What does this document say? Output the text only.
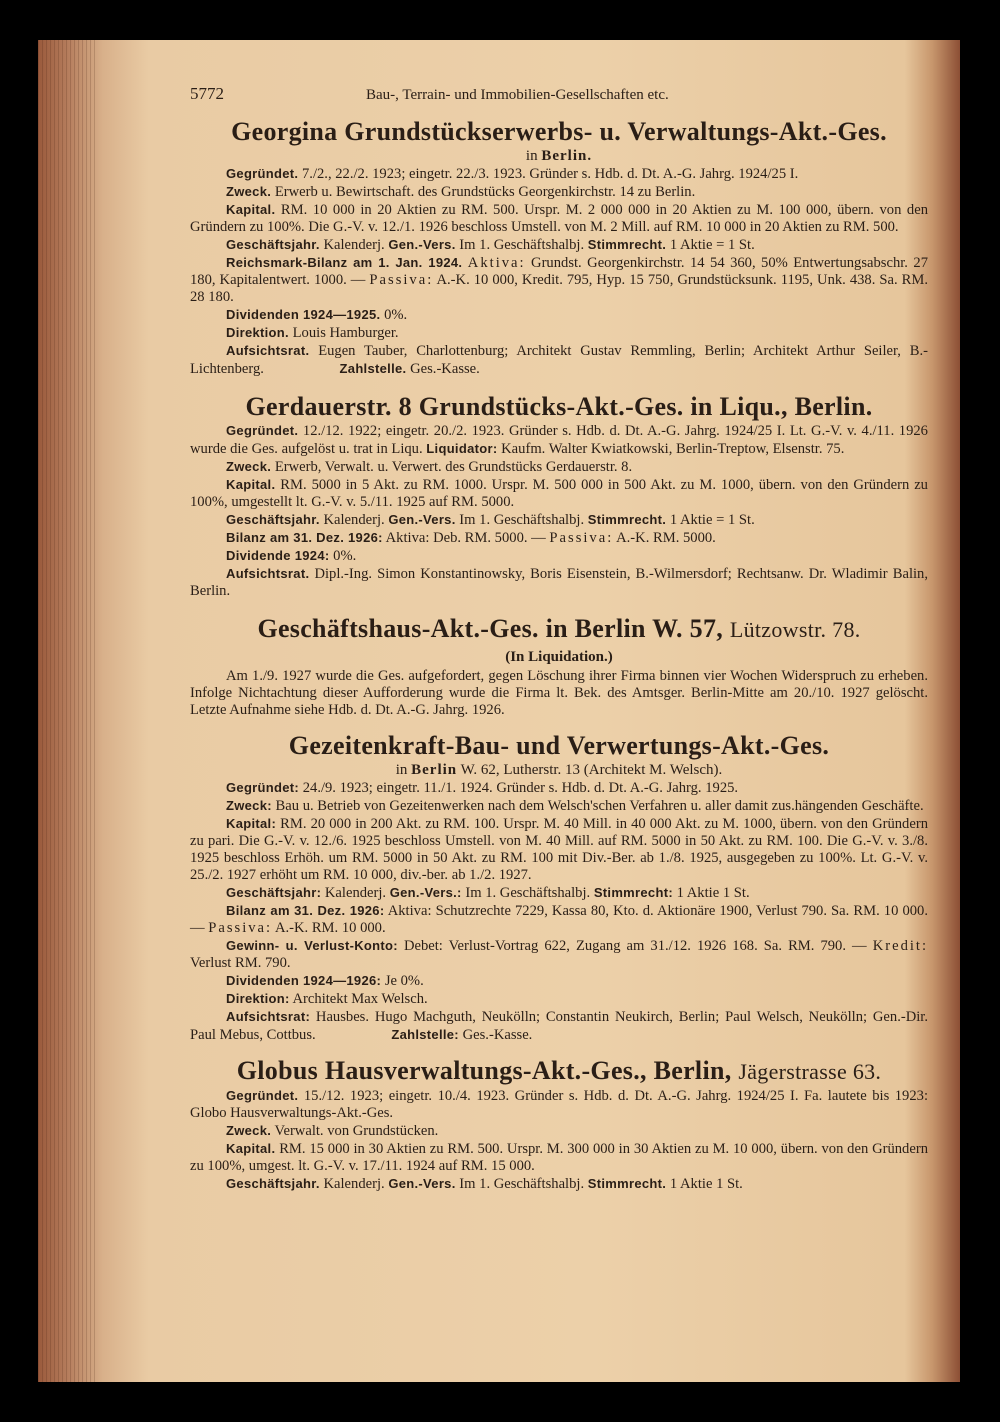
5772	Bau-, Terrain- und Immobilien-Gesellschaften etc.
Georgina Grundstückserwerbs- u. Verwaltungs-Akt.-Ges.
in Berlin.

Gegründet. 7./2., 22./2. 1923; eingetr. 22./3. 1923. Gründer s. Hdb. d. Dt. A.-G. Jahrg. 1924/25 I.

Zweck. Erwerb u. Bewirtschaft. des Grundstücks Georgenkirchstr. 14 zu Berlin.

Kapital. RM. 10 000 in 20 Aktien zu RM. 500. Urspr. M. 2 000 000 in 20 Aktien zu M. 100 000, übern. von den Gründern zu 100%. Die G.-V. v. 12./1. 1926 beschloss Umstell. von M. 2 Mill. auf RM. 10 000 in 20 Aktien zu RM. 500.

Geschäftsjahr. Kalenderj. Gen.-Vers. Im 1. Geschäftshalbj. Stimmrecht. 1 Aktie = 1 St.

Reichsmark-Bilanz am 1. Jan. 1924. Aktiva: Grundst. Georgenkirchstr. 14 54 360, 50% Entwertungsabschr. 27 180, Kapitalentwert. 1000. — Passiva: A.-K. 10 000, Kredit. 795, Hyp. 15 750, Grundstücksunk. 1195, Unk. 438. Sa. RM. 28 180.

Dividenden 1924—1925. 0%.

Direktion. Louis Hamburger.

Aufsichtsrat. Eugen Tauber, Charlottenburg; Architekt Gustav Remmling, Berlin; Architekt Arthur Seiler, B.-Lichtenberg.	Zahlstelle. Ges.-Kasse.

Gerdauerstr. 8 Grundstücks-Akt.-Ges. in Liqu., Berlin.

Gegründet. 12./12. 1922; eingetr. 20./2. 1923. Gründer s. Hdb. d. Dt. A.-G. Jahrg. 1924/25 I. Lt. G.-V. v. 4./11. 1926 wurde die Ges. aufgelöst u. trat in Liqu. Liquidator: Kaufm. Walter Kwiatkowski, Berlin-Treptow, Elsenstr. 75.

Zweck. Erwerb, Verwalt. u. Verwert. des Grundstücks Gerdauerstr. 8.

Kapital. RM. 5000 in 5 Akt. zu RM. 1000. Urspr. M. 500 000 in 500 Akt. zu M. 1000, übern. von den Gründern zu 100%, umgestellt lt. G.-V. v. 5./11. 1925 auf RM. 5000.

Geschäftsjahr. Kalenderj. Gen.-Vers. Im 1. Geschäftshalbj. Stimmrecht. 1 Aktie = 1 St.

Bilanz am 31. Dez. 1926: Aktiva: Deb. RM. 5000. — Passiva: A.-K. RM. 5000.

Dividende 1924: 0%.

Aufsichtsrat. Dipl.-Ing. Simon Konstantinowsky, Boris Eisenstein, B.-Wilmersdorf; Rechtsanw. Dr. Wladimir Balin, Berlin.

Geschäftshaus-Akt.-Ges. in Berlin W. 57, Lützowstr. 78.
(In Liquidation.)

Am 1./9. 1927 wurde die Ges. aufgefordert, gegen Löschung ihrer Firma binnen vier Wochen Widerspruch zu erheben. Infolge Nichtachtung dieser Aufforderung wurde die Firma lt. Bek. des Amtsger. Berlin-Mitte am 20./10. 1927 gelöscht. Letzte Aufnahme siehe Hdb. d. Dt. A.-G. Jahrg. 1926.

Gezeitenkraft-Bau- und Verwertungs-Akt.-Ges.
in Berlin W. 62, Lutherstr. 13 (Architekt M. Welsch).

Gegründet: 24./9. 1923; eingetr. 11./1. 1924. Gründer s. Hdb. d. Dt. A.-G. Jahrg. 1925.

Zweck: Bau u. Betrieb von Gezeitenwerken nach dem Welsch'schen Verfahren u. aller damit zus.hängenden Geschäfte.

Kapital: RM. 20 000 in 200 Akt. zu RM. 100. Urspr. M. 40 Mill. in 40 000 Akt. zu M. 1000, übern. von den Gründern zu pari. Die G.-V. v. 12./6. 1925 beschloss Umstell. von M. 40 Mill. auf RM. 5000 in 50 Akt. zu RM. 100. Die G.-V. v. 3./8. 1925 beschloss Erhöh. um RM. 5000 in 50 Akt. zu RM. 100 mit Div.-Ber. ab 1./8. 1925, ausgegeben zu 100%. Lt. G.-V. v. 25./2. 1927 erhöht um RM. 10 000, div.-ber. ab 1./2. 1927.

Geschäftsjahr: Kalenderj. Gen.-Vers.: Im 1. Geschäftshalbj. Stimmrecht: 1 Aktie 1 St.

Bilanz am 31. Dez. 1926: Aktiva: Schutzrechte 7229, Kassa 80, Kto. d. Aktionäre 1900, Verlust 790. Sa. RM. 10 000. — Passiva: A.-K. RM. 10 000.

Gewinn- u. Verlust-Konto: Debet: Verlust-Vortrag 622, Zugang am 31./12. 1926 168. Sa. RM. 790. — Kredit: Verlust RM. 790.

Dividenden 1924—1926: Je 0%.

Direktion: Architekt Max Welsch.

Aufsichtsrat: Hausbes. Hugo Machguth, Neukölln; Constantin Neukirch, Berlin; Paul Welsch, Neukölln; Gen.-Dir. Paul Mebus, Cottbus.	Zahlstelle: Ges.-Kasse.

Globus Hausverwaltungs-Akt.-Ges., Berlin, Jägerstrasse 63.

Gegründet. 15./12. 1923; eingetr. 10./4. 1923. Gründer s. Hdb. d. Dt. A.-G. Jahrg. 1924/25 I. Fa. lautete bis 1923: Globo Hausverwaltungs-Akt.-Ges.

Zweck. Verwalt. von Grundstücken.

Kapital. RM. 15 000 in 30 Aktien zu RM. 500. Urspr. M. 300 000 in 30 Aktien zu M. 10 000, übern. von den Gründern zu 100%, umgest. lt. G.-V. v. 17./11. 1924 auf RM. 15 000.

Geschäftsjahr. Kalenderj. Gen.-Vers. Im 1. Geschäftshalbj. Stimmrecht. 1 Aktie 1 St.
